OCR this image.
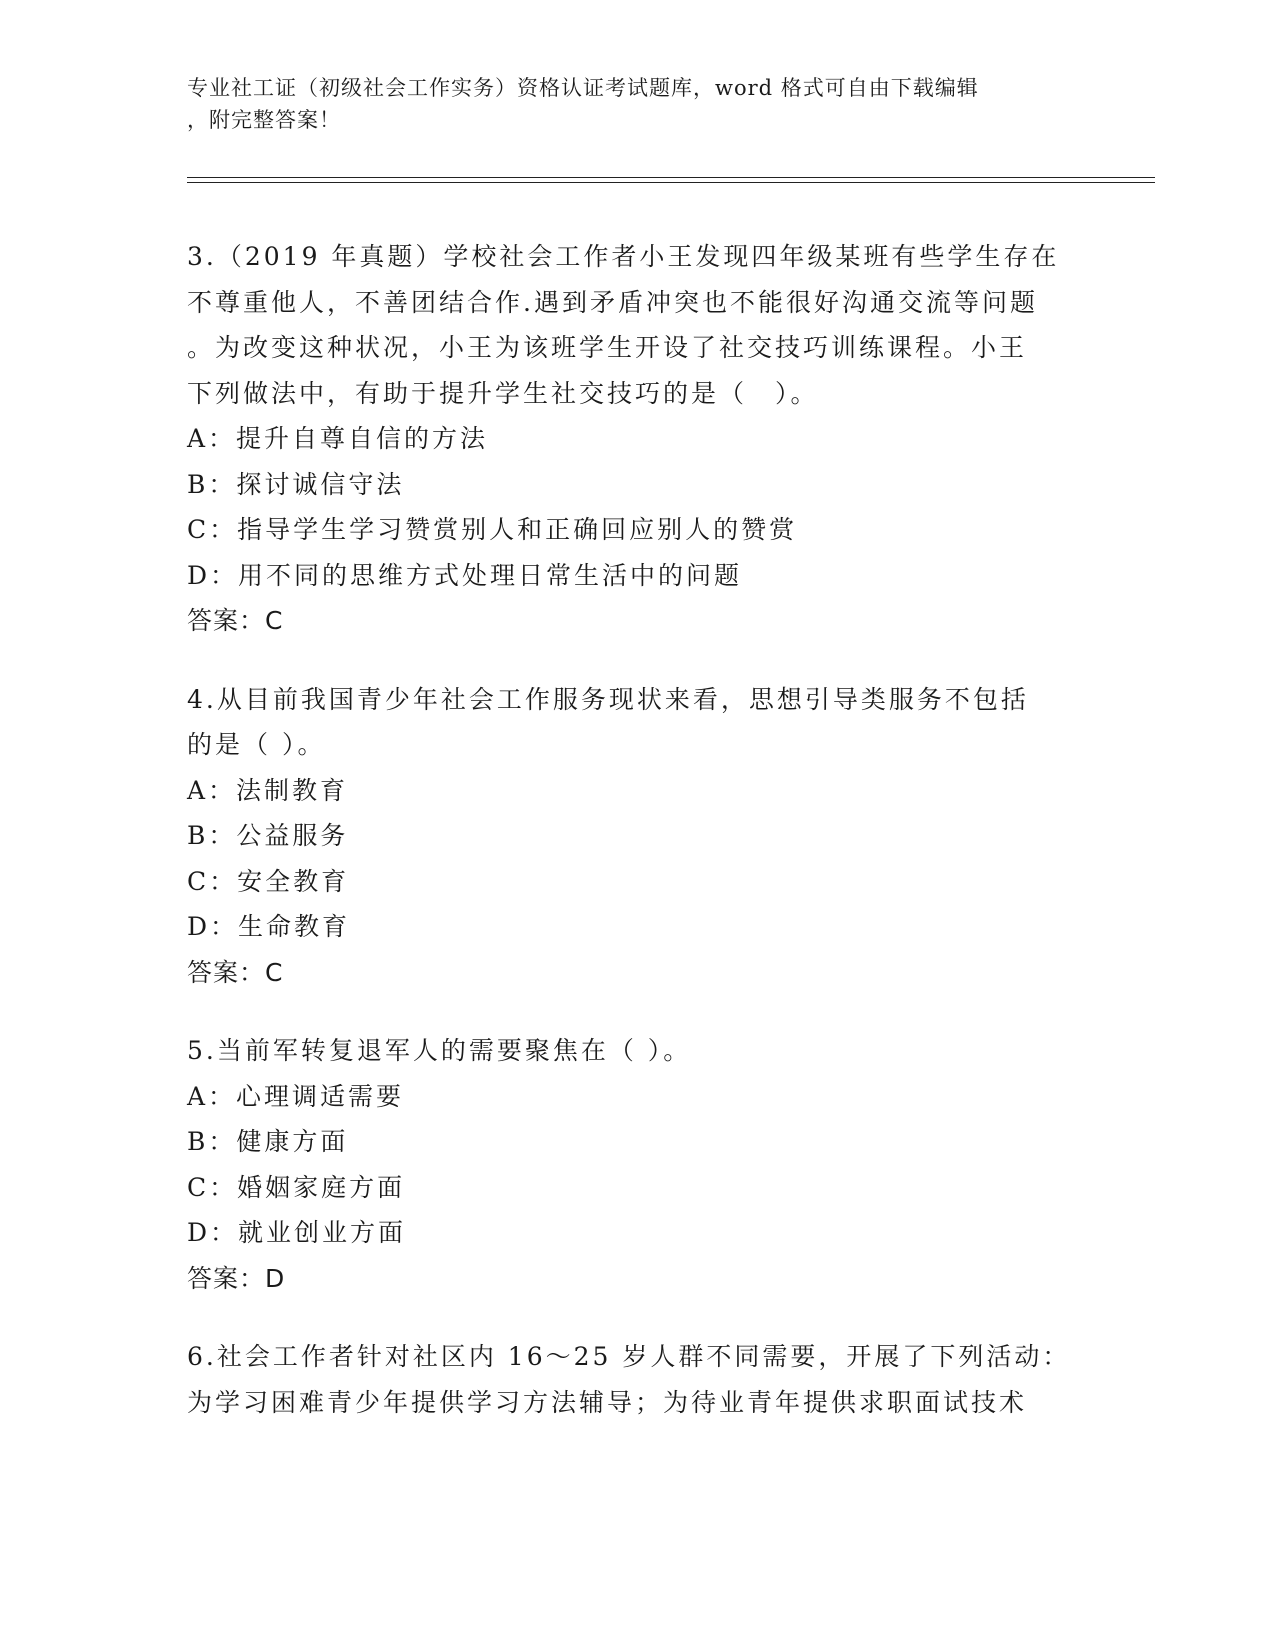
专业社工证（初级社会工作实务）资格认证考试题库，word 格式可自由下载编辑
，附完整答案！

3.（2019 年真题）学校社会工作者小王发现四年级某班有些学生存在

不尊重他人，不善团结合作.遇到矛盾冲突也不能很好沟通交流等问题

。为改变这种状况，小王为该班学生开设了社交技巧训练课程。小王

下列做法中，有助于提升学生社交技巧的是（　）。

A：提升自尊自信的方法

B：探讨诚信守法

C：指导学生学习赞赏别人和正确回应别人的赞赏

D：用不同的思维方式处理日常生活中的问题

答案：C

4.从目前我国青少年社会工作服务现状来看，思想引导类服务不包括

的是（ ）。

A：法制教育

B：公益服务

C：安全教育

D：生命教育

答案：C

5.当前军转复退军人的需要聚焦在（ ）。

A：心理调适需要

B：健康方面

C：婚姻家庭方面

D：就业创业方面

答案：D

6.社会工作者针对社区内 16～25 岁人群不同需要，开展了下列活动：

为学习困难青少年提供学习方法辅导；为待业青年提供求职面试技术
